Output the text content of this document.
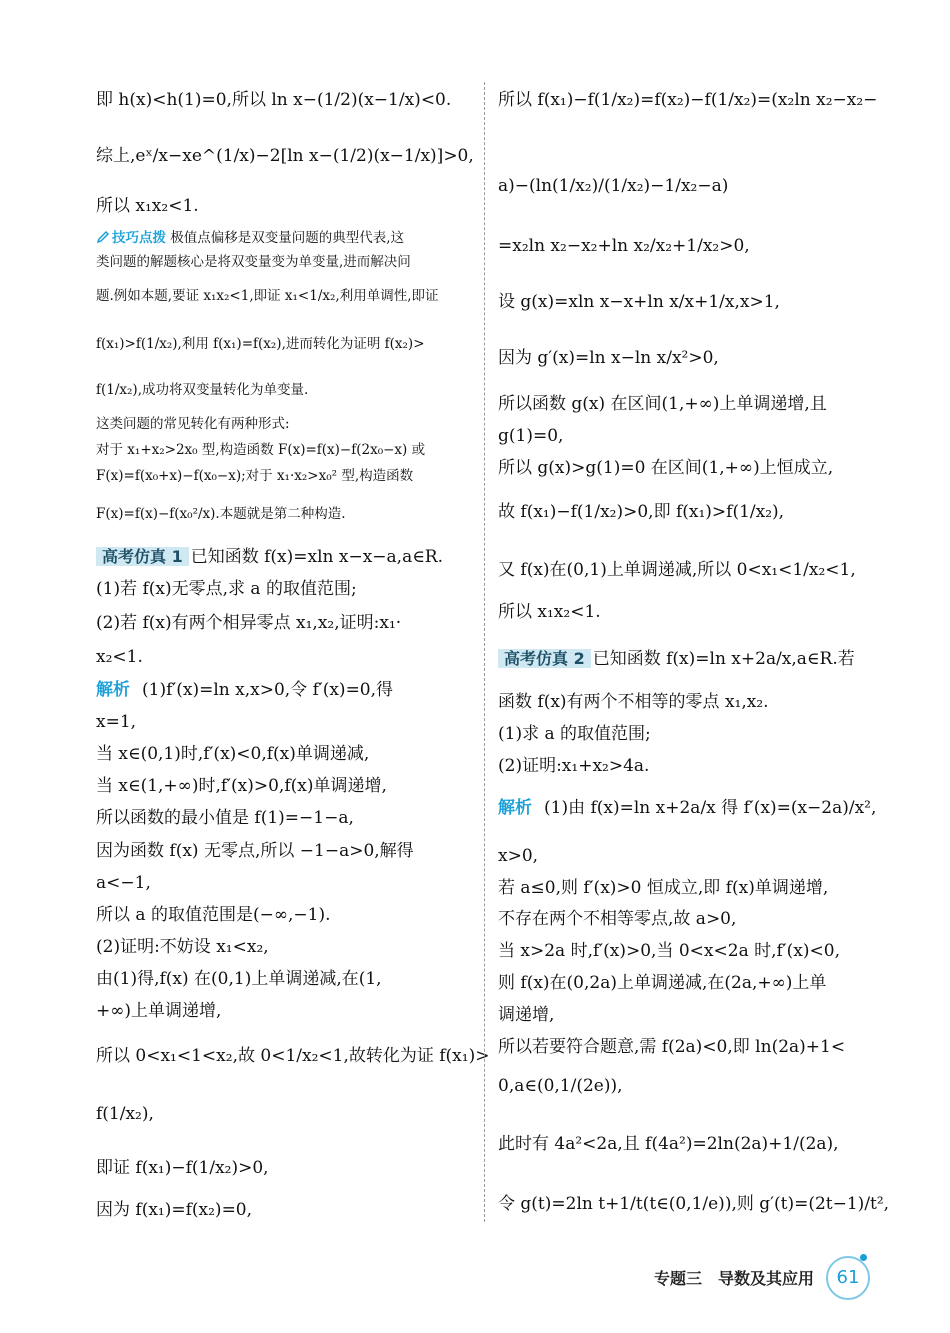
即 h(x)<h(1)=0,所以 ln x−(1/2)(x−1/x)<0.
综上,eˣ/x−xe^(1/x)−2[ln x−(1/2)(x−1/x)]>0,
所以 x₁x₂<1.
技巧点拨 极值点偏移是双变量问题的典型代表,这
类问题的解题核心是将双变量变为单变量,进而解决问
题.例如本题,要证 x₁x₂<1,即证 x₁<1/x₂,利用单调性,即证
f(x₁)>f(1/x₂),利用 f(x₁)=f(x₂),进而转化为证明 f(x₂)>
f(1/x₂),成功将双变量转化为单变量.
这类问题的常见转化有两种形式:
对于 x₁+x₂>2x₀ 型,构造函数 F(x)=f(x)−f(2x₀−x) 或
F(x)=f(x₀+x)−f(x₀−x);对于 x₁·x₂>x₀² 型,构造函数
F(x)=f(x)−f(x₀²/x).本题就是第二种构造.
高考仿真 1 已知函数 f(x)=xln x−x−a,a∈R.
(1)若 f(x)无零点,求 a 的取值范围;
(2)若 f(x)有两个相异零点 x₁,x₂,证明:x₁·
x₂<1.
解析 (1)f′(x)=ln x,x>0,令 f′(x)=0,得
x=1,
当 x∈(0,1)时,f′(x)<0,f(x)单调递减,
当 x∈(1,+∞)时,f′(x)>0,f(x)单调递增,
所以函数的最小值是 f(1)=−1−a,
因为函数 f(x) 无零点,所以 −1−a>0,解得
a<−1,
所以 a 的取值范围是(−∞,−1).
(2)证明:不妨设 x₁<x₂,
由(1)得,f(x) 在(0,1)上单调递减,在(1,
+∞)上单调递增,
所以 0<x₁<1<x₂,故 0<1/x₂<1,故转化为证 f(x₁)>
f(1/x₂),
即证 f(x₁)−f(1/x₂)>0,
因为 f(x₁)=f(x₂)=0,
所以 f(x₁)−f(1/x₂)=f(x₂)−f(1/x₂)=(x₂ln x₂−x₂−
a)−(ln(1/x₂)/(1/x₂)−1/x₂−a)
=x₂ln x₂−x₂+ln x₂/x₂+1/x₂>0,
设 g(x)=xln x−x+ln x/x+1/x,x>1,
因为 g′(x)=ln x−ln x/x²>0,
所以函数 g(x) 在区间(1,+∞)上单调递增,且
g(1)=0,
所以 g(x)>g(1)=0 在区间(1,+∞)上恒成立,
故 f(x₁)−f(1/x₂)>0,即 f(x₁)>f(1/x₂),
又 f(x)在(0,1)上单调递减,所以 0<x₁<1/x₂<1,
所以 x₁x₂<1.
高考仿真 2 已知函数 f(x)=ln x+2a/x,a∈R.若
函数 f(x)有两个不相等的零点 x₁,x₂.
(1)求 a 的取值范围;
(2)证明:x₁+x₂>4a.
解析 (1)由 f(x)=ln x+2a/x 得 f′(x)=(x−2a)/x²,
x>0,
若 a≤0,则 f′(x)>0 恒成立,即 f(x)单调递增,
不存在两个不相等零点,故 a>0,
当 x>2a 时,f′(x)>0,当 0<x<2a 时,f′(x)<0,
则 f(x)在(0,2a)上单调递减,在(2a,+∞)上单
调递增,
所以若要符合题意,需 f(2a)<0,即 ln(2a)+1<
0,a∈(0,1/(2e)),
此时有 4a²<2a,且 f(4a²)=2ln(2a)+1/(2a),
令 g(t)=2ln t+1/t(t∈(0,1/e)),则 g′(t)=(2t−1)/t²,
专题三 导数及其应用	61
